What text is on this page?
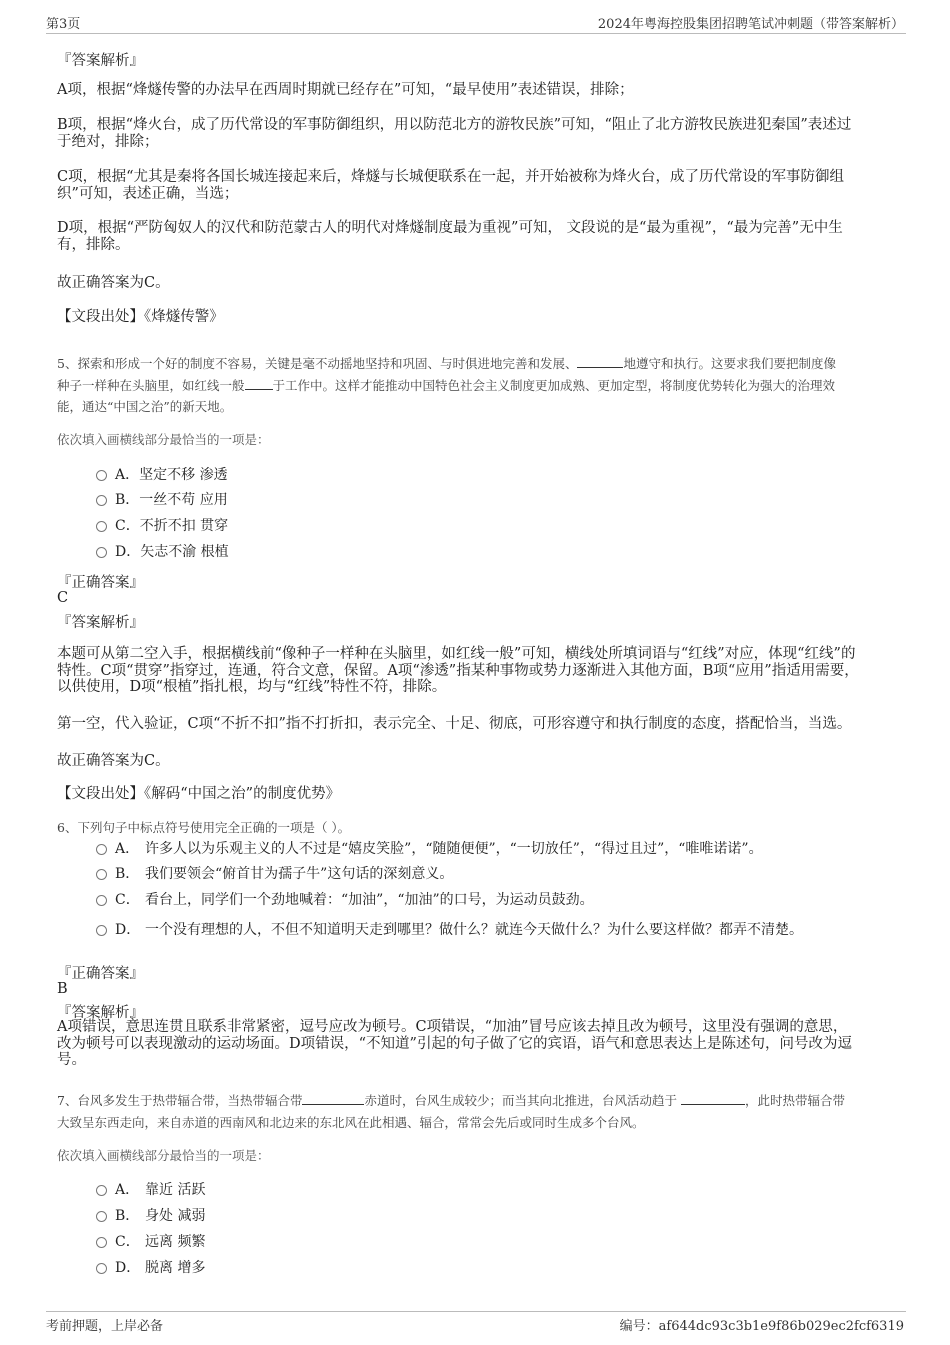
第3页	2024年粤海控股集团招聘笔试冲刺题（带答案解析）
『答案解析』
A项，根据“烽燧传警的办法早在西周时期就已经存在”可知，“最早使用”表述错误，排除；
B项，根据“烽火台，成了历代常设的军事防御组织，用以防范北方的游牧民族”可知，“阻止了北方游牧民族进犯秦国”表述过
于绝对，排除；
C项，根据“尤其是秦将各国长城连接起来后，烽燧与长城便联系在一起，并开始被称为烽火台，成了历代常设的军事防御组
织”可知，表述正确，当选；
D项，根据“严防匈奴人的汉代和防范蒙古人的明代对烽燧制度最为重视”可知， 文段说的是“最为重视”，“最为完善”无中生
有，排除。
故正确答案为C。
【文段出处】《烽燧传警》
5、探索和形成一个好的制度不容易，关键是毫不动摇地坚持和巩固、与时俱进地完善和发展、	地遵守和执行。这要求我们要把制度像
种子一样种在头脑里，如红线一般 于工作中。这样才能推动中国特色社会主义制度更加成熟、更加定型，将制度优势转化为强大的治理效
能，通达“中国之治”的新天地。
依次填入画横线部分最恰当的一项是：
A．坚定不移 渗透
B．一丝不苟 应用
C．不折不扣 贯穿
D．矢志不渝 根植
『正确答案』
C
『答案解析』
本题可从第二空入手，根据横线前“像种子一样种在头脑里，如红线一般”可知，横线处所填词语与“红线”对应，体现“红线”的
特性。C项“贯穿”指穿过，连通，符合文意，保留。A项“渗透”指某种事物或势力逐渐进入其他方面，B项“应用”指适用需要，
以供使用，D项“根植”指扎根，均与“红线”特性不符，排除。
第一空，代入验证，C项“不折不扣”指不打折扣，表示完全、十足、彻底，可形容遵守和执行制度的态度，搭配恰当，当选。
故正确答案为C。
【文段出处】《解码“中国之治”的制度优势》
6、下列句子中标点符号使用完全正确的一项是（ ）。
A． 许多人以为乐观主义的人不过是“嬉皮笑脸”，“随随便便”，“一切放任”，“得过且过”，“唯唯诺诺”。
B． 我们要领会“俯首甘为孺子牛”这句话的深刻意义。
C． 看台上，同学们一个劲地喊着：“加油”，“加油”的口号，为运动员鼓劲。
D． 一个没有理想的人，不但不知道明天走到哪里？做什么？就连今天做什么？为什么要这样做？都弄不清楚。
『正确答案』
B
『答案解析』
A项错误，意思连贯且联系非常紧密，逗号应改为顿号。C项错误，“加油”冒号应该去掉且改为顿号，这里没有强调的意思，
改为顿号可以表现激动的运动场面。D项错误，“不知道”引起的句子做了它的宾语，语气和意思表达上是陈述句，问号改为逗
号。
7、台风多发生于热带辐合带，当热带辐合带	赤道时，台风生成较少；而当其向北推进，台风活动趋于	，此时热带辐合带
大致呈东西走向，来自赤道的西南风和北边来的东北风在此相遇、辐合，常常会先后或同时生成多个台风。
依次填入画横线部分最恰当的一项是：
A． 靠近 活跃
B． 身处 减弱
C． 远离 频繁
D． 脱离 增多
考前押题，上岸必备	编号：af644dc93c3b1e9f86b029ec2fcf6319
